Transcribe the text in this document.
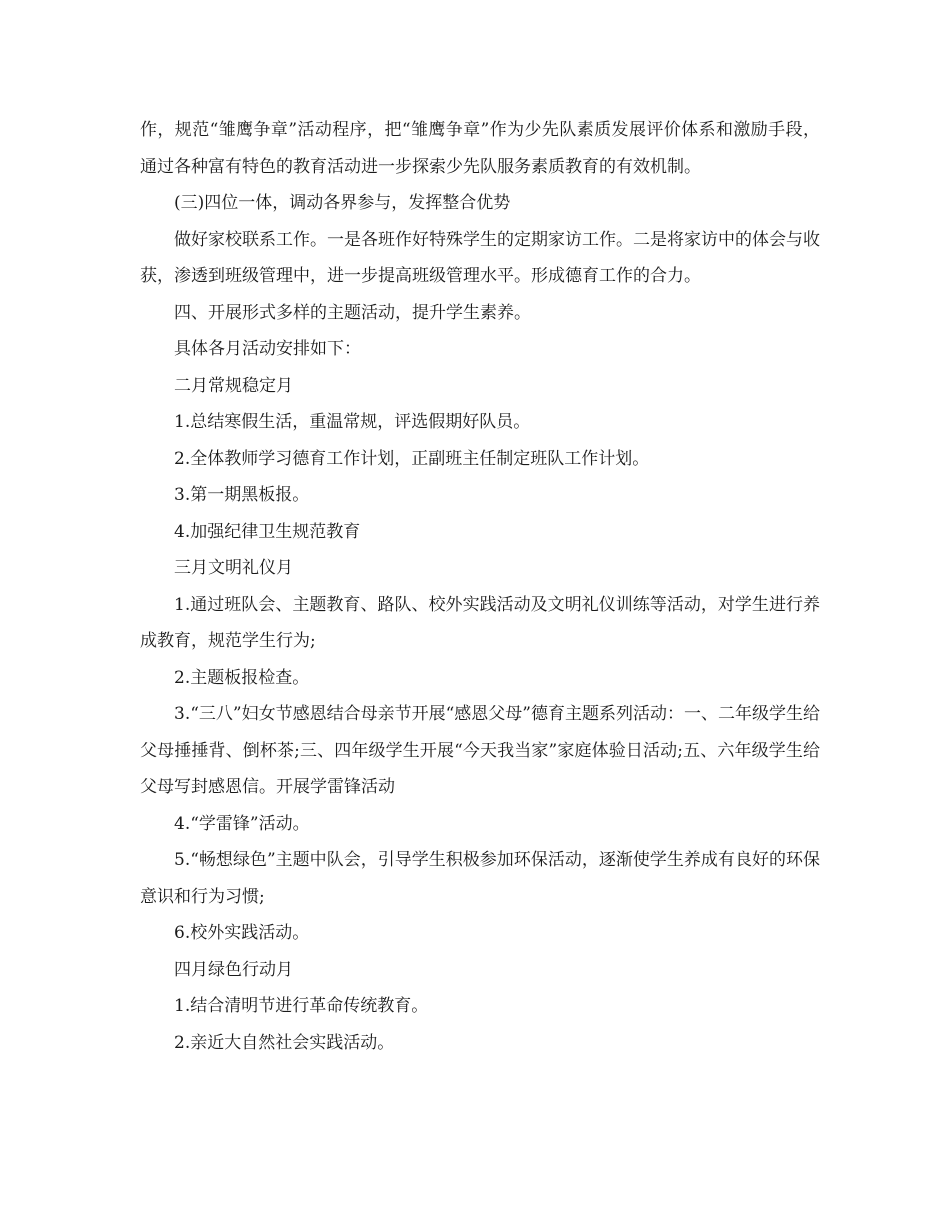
作，规范“雏鹰争章”活动程序，把“雏鹰争章”作为少先队素质发展评价体系和激励手段，通过各种富有特色的教育活动进一步探索少先队服务素质教育的有效机制。

(三)四位一体，调动各界参与，发挥整合优势

做好家校联系工作。一是各班作好特殊学生的定期家访工作。二是将家访中的体会与收获，渗透到班级管理中，进一步提高班级管理水平。形成德育工作的合力。

四、开展形式多样的主题活动，提升学生素养。

具体各月活动安排如下：

二月常规稳定月

1.总结寒假生活，重温常规，评选假期好队员。

2.全体教师学习德育工作计划，正副班主任制定班队工作计划。

3.第一期黑板报。

4.加强纪律卫生规范教育

三月文明礼仪月

1.通过班队会、主题教育、路队、校外实践活动及文明礼仪训练等活动，对学生进行养成教育，规范学生行为;

2.主题板报检查。

3.“三八”妇女节感恩结合母亲节开展“感恩父母”德育主题系列活动：一、二年级学生给父母捶捶背、倒杯茶;三、四年级学生开展“今天我当家”家庭体验日活动;五、六年级学生给父母写封感恩信。开展学雷锋活动

4.“学雷锋”活动。

5.“畅想绿色”主题中队会，引导学生积极参加环保活动，逐渐使学生养成有良好的环保意识和行为习惯;

6.校外实践活动。

四月绿色行动月

1.结合清明节进行革命传统教育。

2.亲近大自然社会实践活动。
